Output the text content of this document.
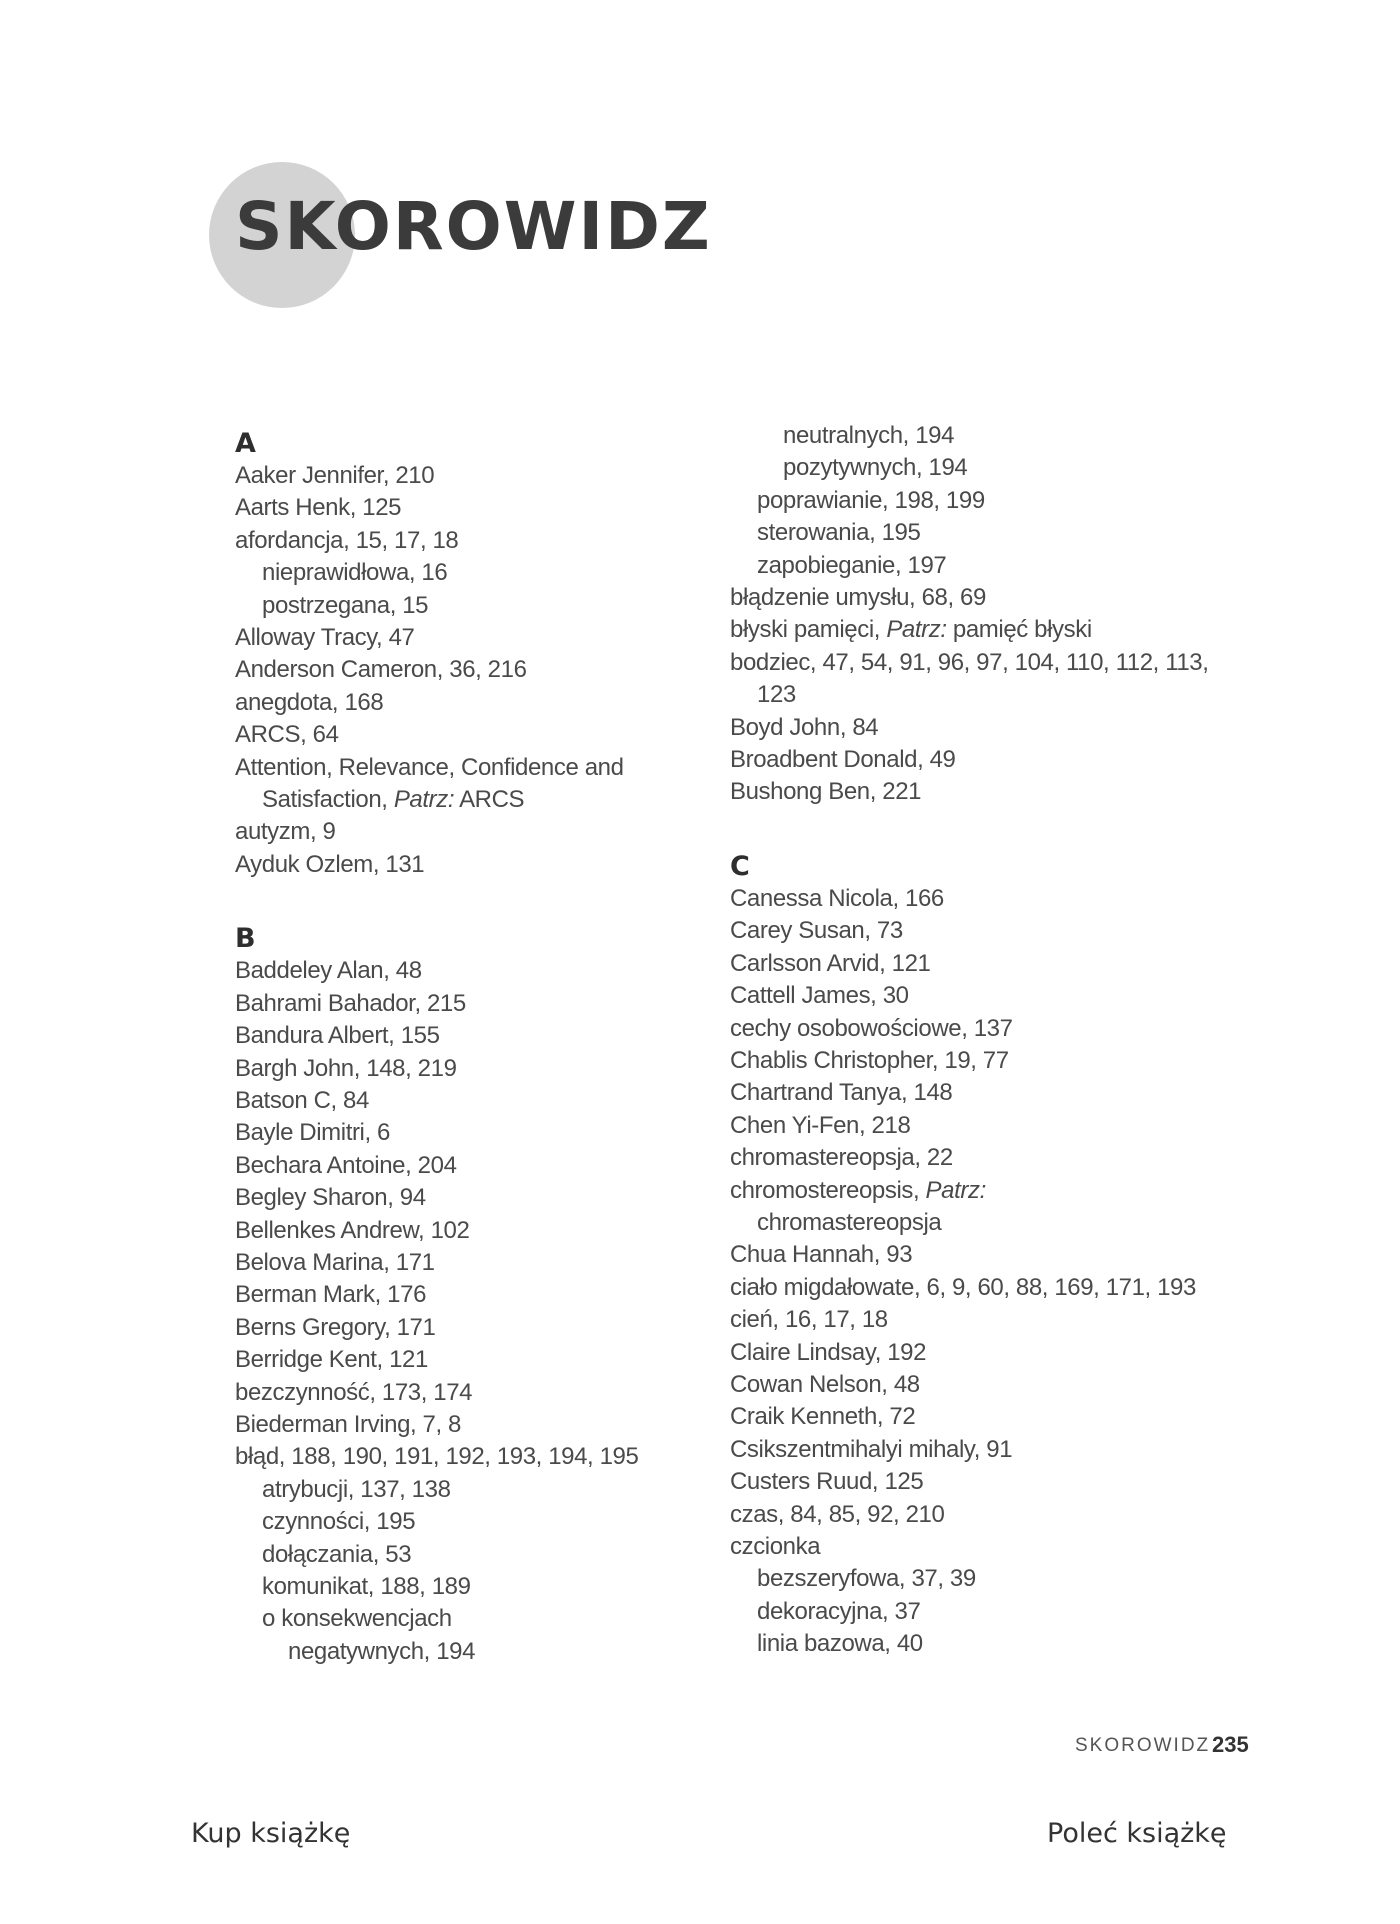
SKOROWIDZ
A
Aaker Jennifer, 210
Aarts Henk, 125
afordancja, 15, 17, 18
nieprawidłowa, 16
postrzegana, 15
Alloway Tracy, 47
Anderson Cameron, 36, 216
anegdota, 168
ARCS, 64
Attention, Relevance, Confidence and
Satisfaction, Patrz: ARCS
autyzm, 9
Ayduk Ozlem, 131
B
Baddeley Alan, 48
Bahrami Bahador, 215
Bandura Albert, 155
Bargh John, 148, 219
Batson C, 84
Bayle Dimitri, 6
Bechara Antoine, 204
Begley Sharon, 94
Bellenkes Andrew, 102
Belova Marina, 171
Berman Mark, 176
Berns Gregory, 171
Berridge Kent, 121
bezczynność, 173, 174
Biederman Irving, 7, 8
błąd, 188, 190, 191, 192, 193, 194, 195
atrybucji, 137, 138
czynności, 195
dołączania, 53
komunikat, 188, 189
o konsekwencjach
negatywnych, 194
neutralnych, 194
pozytywnych, 194
poprawianie, 198, 199
sterowania, 195
zapobieganie, 197
błądzenie umysłu, 68, 69
błyski pamięci, Patrz: pamięć błyski
bodziec, 47, 54, 91, 96, 97, 104, 110, 112, 113,
123
Boyd John, 84
Broadbent Donald, 49
Bushong Ben, 221
C
Canessa Nicola, 166
Carey Susan, 73
Carlsson Arvid, 121
Cattell James, 30
cechy osobowościowe, 137
Chablis Christopher, 19, 77
Chartrand Tanya, 148
Chen Yi-Fen, 218
chromastereopsja, 22
chromostereopsis, Patrz:
chromastereopsja
Chua Hannah, 93
ciało migdałowate, 6, 9, 60, 88, 169, 171, 193
cień, 16, 17, 18
Claire Lindsay, 192
Cowan Nelson, 48
Craik Kenneth, 72
Csikszentmihalyi mihaly, 91
Custers Ruud, 125
czas, 84, 85, 92, 210
czcionka
bezszeryfowa, 37, 39
dekoracyjna, 37
linia bazowa, 40
SKOROWIDZ 235
Kup książkę	Poleć książkę
